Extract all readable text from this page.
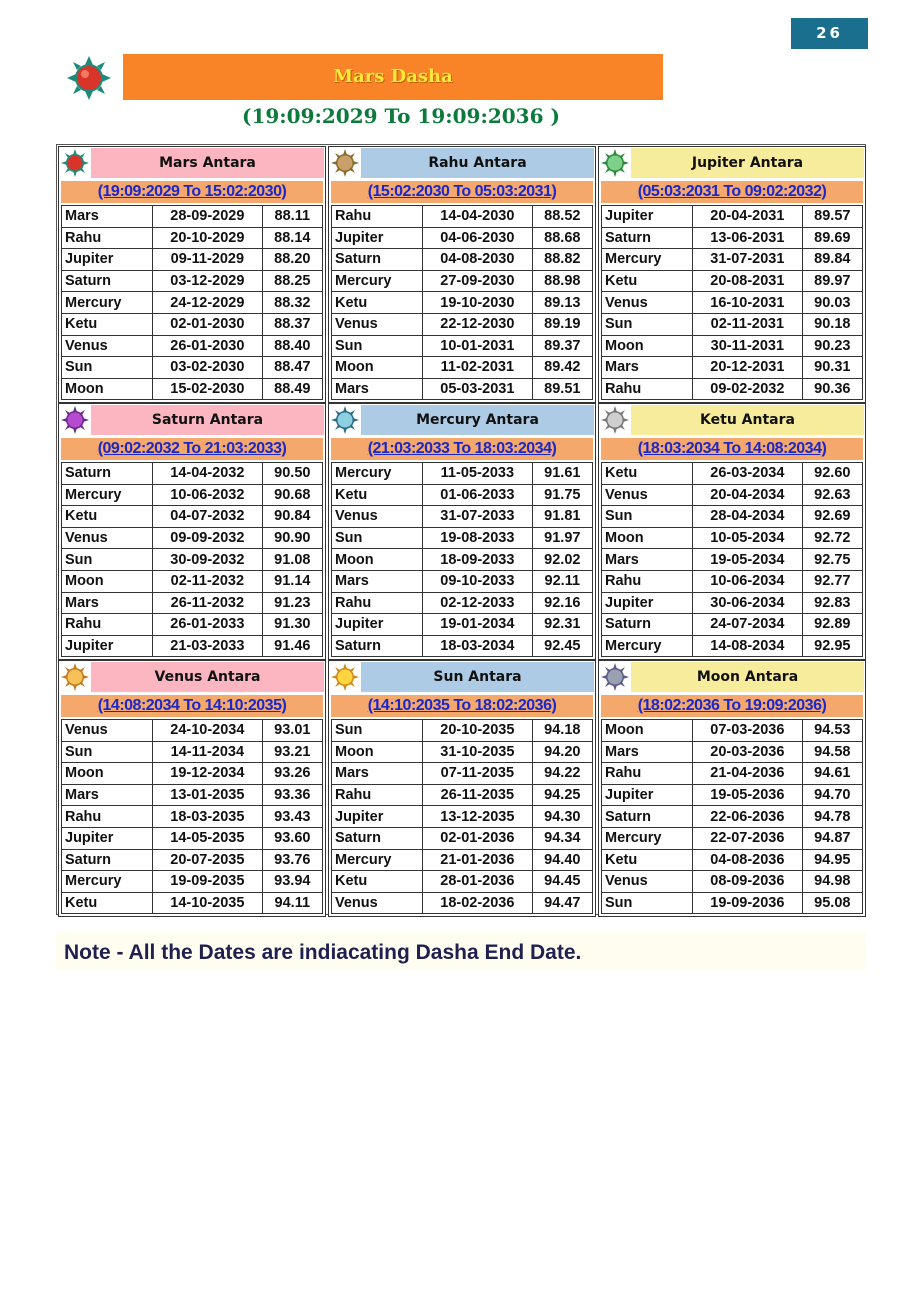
26
Mars Dasha
(19:09:2029 To 19:09:2036 )
Mars Antara
(19:09:2029 To 15:02:2030)
Mars	28-09-2029	88.11
Rahu	20-10-2029	88.14
Jupiter	09-11-2029	88.20
Saturn	03-12-2029	88.25
Mercury	24-12-2029	88.32
Ketu	02-01-2030	88.37
Venus	26-01-2030	88.40
Sun	03-02-2030	88.47
Moon	15-02-2030	88.49
Rahu Antara
(15:02:2030 To 05:03:2031)
Rahu	14-04-2030	88.52
Jupiter	04-06-2030	88.68
Saturn	04-08-2030	88.82
Mercury	27-09-2030	88.98
Ketu	19-10-2030	89.13
Venus	22-12-2030	89.19
Sun	10-01-2031	89.37
Moon	11-02-2031	89.42
Mars	05-03-2031	89.51
Jupiter Antara
(05:03:2031 To 09:02:2032)
Jupiter	20-04-2031	89.57
Saturn	13-06-2031	89.69
Mercury	31-07-2031	89.84
Ketu	20-08-2031	89.97
Venus	16-10-2031	90.03
Sun	02-11-2031	90.18
Moon	30-11-2031	90.23
Mars	20-12-2031	90.31
Rahu	09-02-2032	90.36
Saturn Antara
(09:02:2032 To 21:03:2033)
Saturn	14-04-2032	90.50
Mercury	10-06-2032	90.68
Ketu	04-07-2032	90.84
Venus	09-09-2032	90.90
Sun	30-09-2032	91.08
Moon	02-11-2032	91.14
Mars	26-11-2032	91.23
Rahu	26-01-2033	91.30
Jupiter	21-03-2033	91.46
Mercury Antara
(21:03:2033 To 18:03:2034)
Mercury	11-05-2033	91.61
Ketu	01-06-2033	91.75
Venus	31-07-2033	91.81
Sun	19-08-2033	91.97
Moon	18-09-2033	92.02
Mars	09-10-2033	92.11
Rahu	02-12-2033	92.16
Jupiter	19-01-2034	92.31
Saturn	18-03-2034	92.45
Ketu Antara
(18:03:2034 To 14:08:2034)
Ketu	26-03-2034	92.60
Venus	20-04-2034	92.63
Sun	28-04-2034	92.69
Moon	10-05-2034	92.72
Mars	19-05-2034	92.75
Rahu	10-06-2034	92.77
Jupiter	30-06-2034	92.83
Saturn	24-07-2034	92.89
Mercury	14-08-2034	92.95
Venus Antara
(14:08:2034 To 14:10:2035)
Venus	24-10-2034	93.01
Sun	14-11-2034	93.21
Moon	19-12-2034	93.26
Mars	13-01-2035	93.36
Rahu	18-03-2035	93.43
Jupiter	14-05-2035	93.60
Saturn	20-07-2035	93.76
Mercury	19-09-2035	93.94
Ketu	14-10-2035	94.11
Sun Antara
(14:10:2035 To 18:02:2036)
Sun	20-10-2035	94.18
Moon	31-10-2035	94.20
Mars	07-11-2035	94.22
Rahu	26-11-2035	94.25
Jupiter	13-12-2035	94.30
Saturn	02-01-2036	94.34
Mercury	21-01-2036	94.40
Ketu	28-01-2036	94.45
Venus	18-02-2036	94.47
Moon Antara
(18:02:2036 To 19:09:2036)
Moon	07-03-2036	94.53
Mars	20-03-2036	94.58
Rahu	21-04-2036	94.61
Jupiter	19-05-2036	94.70
Saturn	22-06-2036	94.78
Mercury	22-07-2036	94.87
Ketu	04-08-2036	94.95
Venus	08-09-2036	94.98
Sun	19-09-2036	95.08
Note - All the Dates are indiacating Dasha End Date.
